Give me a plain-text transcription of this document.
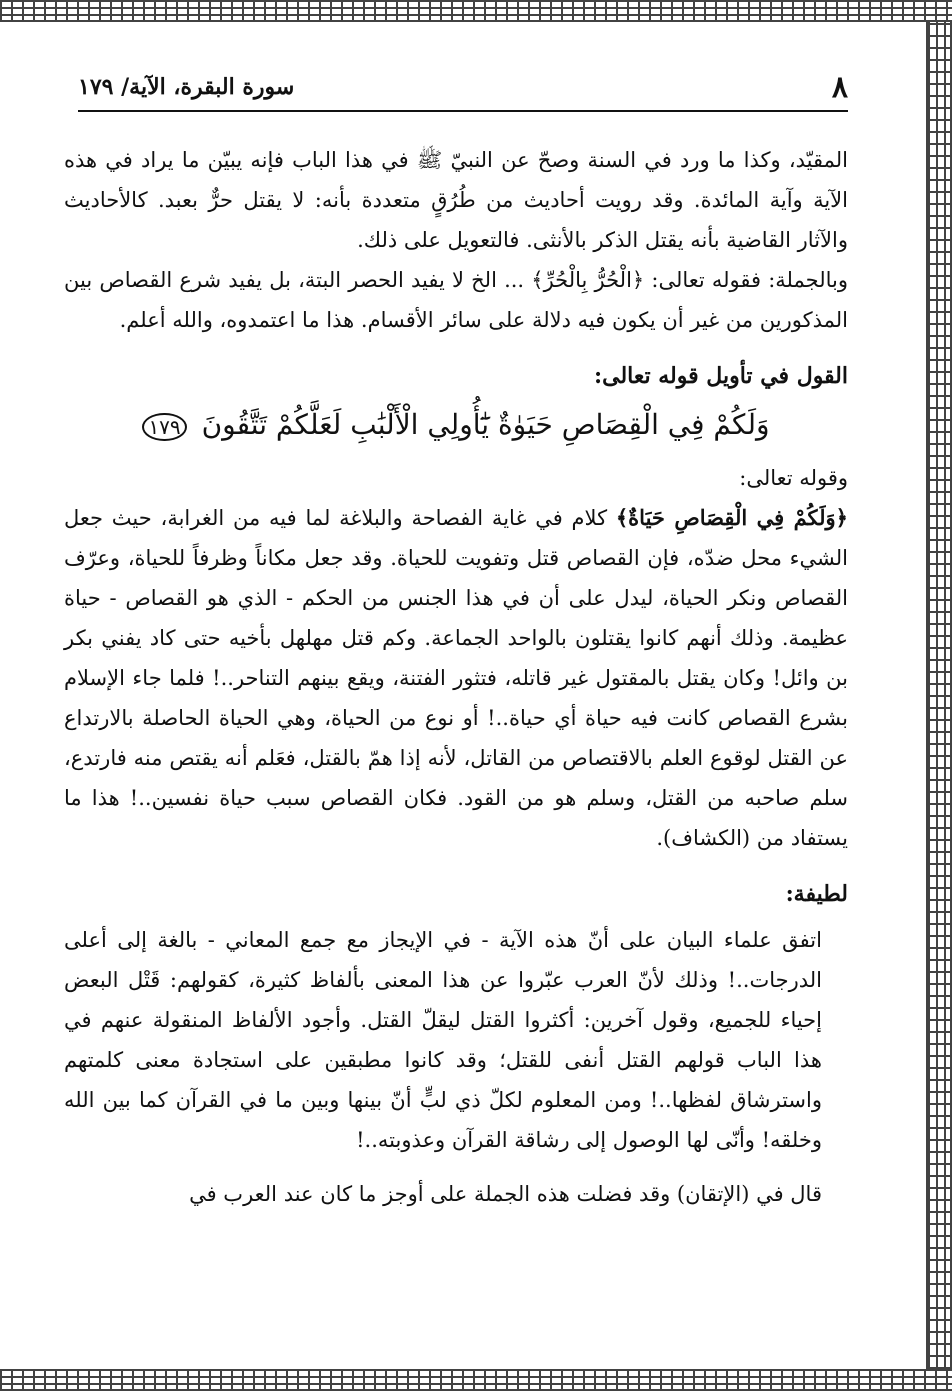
٨
سورة البقرة، الآية/ ١٧٩

المقيّد، وكذا ما ورد في السنة وصحّ عن النبيّ ﷺ في هذا الباب فإنه يبيّن ما يراد في هذه الآية وآية المائدة. وقد رويت أحاديث من طُرُقٍ متعددة بأنه: لا يقتل حرٌّ بعبد. كالأحاديث والآثار القاضية بأنه يقتل الذكر بالأنثى. فالتعويل على ذلك.

وبالجملة: فقوله تعالى: ﴿الْحُرُّ بِالْحُرِّ﴾ ... الخ لا يفيد الحصر البتة، بل يفيد شرع القصاص بين المذكورين من غير أن يكون فيه دلالة على سائر الأقسام. هذا ما اعتمدوه، والله أعلم.

القول في تأويل قوله تعالى:

وَلَكُمْ فِي الْقِصَاصِ حَيَوٰةٌ يَٰٓأُولِي الْأَلْبَٰبِ لَعَلَّكُمْ تَتَّقُونَ ١٧٩

وقوله تعالى:

﴿وَلَكُمْ فِي الْقِصَاصِ حَيَاةٌ﴾ كلام في غاية الفصاحة والبلاغة لما فيه من الغرابة، حيث جعل الشيء محل ضدّه، فإن القصاص قتل وتفويت للحياة. وقد جعل مكاناً وظرفاً للحياة، وعرّف القصاص ونكر الحياة، ليدل على أن في هذا الجنس من الحكم - الذي هو القصاص - حياة عظيمة. وذلك أنهم كانوا يقتلون بالواحد الجماعة. وكم قتل مهلهل بأخيه حتى كاد يفني بكر بن وائل! وكان يقتل بالمقتول غير قاتله، فتثور الفتنة، ويقع بينهم التناحر..! فلما جاء الإسلام بشرع القصاص كانت فيه حياة أي حياة..! أو نوع من الحياة، وهي الحياة الحاصلة بالارتداع عن القتل لوقوع العلم بالاقتصاص من القاتل، لأنه إذا همّ بالقتل، فعَلم أنه يقتص منه فارتدع، سلم صاحبه من القتل، وسلم هو من القود. فكان القصاص سبب حياة نفسين..! هذا ما يستفاد من (الكشاف).

لطيفة:

اتفق علماء البيان على أنّ هذه الآية - في الإيجاز مع جمع المعاني - بالغة إلى أعلى الدرجات..! وذلك لأنّ العرب عبّروا عن هذا المعنى بألفاظ كثيرة، كقولهم: قَتْل البعض إحياء للجميع، وقول آخرين: أكثروا القتل ليقلّ القتل. وأجود الألفاظ المنقولة عنهم في هذا الباب قولهم القتل أنفى للقتل؛ وقد كانوا مطبقين على استجادة معنى كلمتهم واسترشاق لفظها..! ومن المعلوم لكلّ ذي لبٍّ أنّ بينها وبين ما في القرآن كما بين الله وخلقه! وأنّى لها الوصول إلى رشاقة القرآن وعذوبته..!

قال في (الإتقان) وقد فضلت هذه الجملة على أوجز ما كان عند العرب في
